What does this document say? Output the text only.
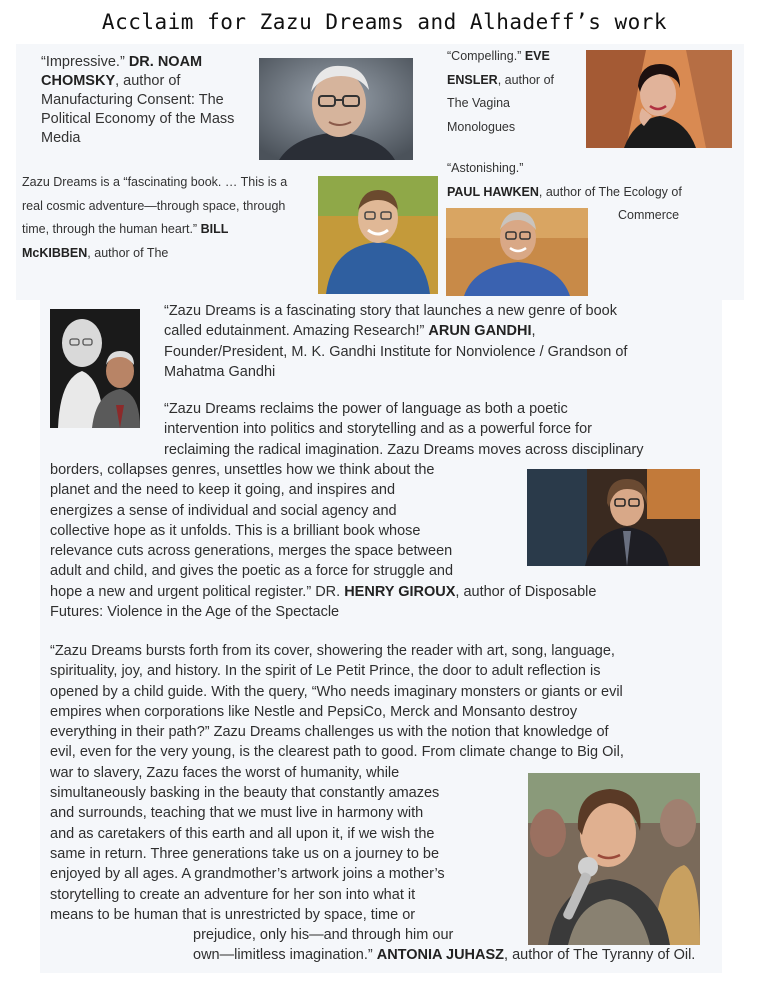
Acclaim for Zazu Dreams and Alhadeff’s work
“Impressive.” DR. NOAM CHOMSKY, author of Manufacturing Consent: The Political Economy of the Mass Media
“Compelling.” EVE ENSLER, author of The Vagina Monologues
Zazu Dreams is a “fascinating book. … This is a real cosmic adventure—through space, through time, through the human heart.” BILL McKIBBEN, author of The
“Astonishing.”
PAUL HAWKEN, author of The Ecology of
Commerce
“Zazu Dreams is a fascinating story that launches a new genre of book
called edutainment. Amazing Research!” ARUN GANDHI,
Founder/President, M. K. Gandhi Institute for Nonviolence / Grandson of
Mahatma Gandhi
“Zazu Dreams reclaims the power of language as both a poetic
intervention into politics and storytelling and as a powerful force for
reclaiming the radical imagination. Zazu Dreams moves across disciplinary
borders, collapses genres, unsettles how we think about the
planet and the need to keep it going, and inspires and
energizes a sense of individual and social agency and
collective hope as it unfolds. This is a brilliant book whose
relevance cuts across generations, merges the space between
adult and child, and gives the poetic as a force for struggle and
hope a new and urgent political register.” DR. HENRY GIROUX, author of Disposable
Futures: Violence in the Age of the Spectacle
“Zazu Dreams bursts forth from its cover, showering the reader with art, song, language,
spirituality, joy, and history. In the spirit of Le Petit Prince, the door to adult reflection is
opened by a child guide. With the query, “Who needs imaginary monsters or giants or evil
empires when corporations like Nestle and PepsiCo, Merck and Monsanto destroy
everything in their path?” Zazu Dreams challenges us with the notion that knowledge of
evil, even for the very young, is the clearest path to good. From climate change to Big Oil,
war to slavery, Zazu faces the worst of humanity, while
simultaneously basking in the beauty that constantly amazes
and surrounds, teaching that we must live in harmony with
and as caretakers of this earth and all upon it, if we wish the
same in return. Three generations take us on a journey to be
enjoyed by all ages. A grandmother’s artwork joins a mother’s
storytelling to create an adventure for her son into what it
means to be human that is unrestricted by space, time or
prejudice, only his—and through him our
own—limitless imagination.” ANTONIA JUHASZ, author of The Tyranny of Oil.
